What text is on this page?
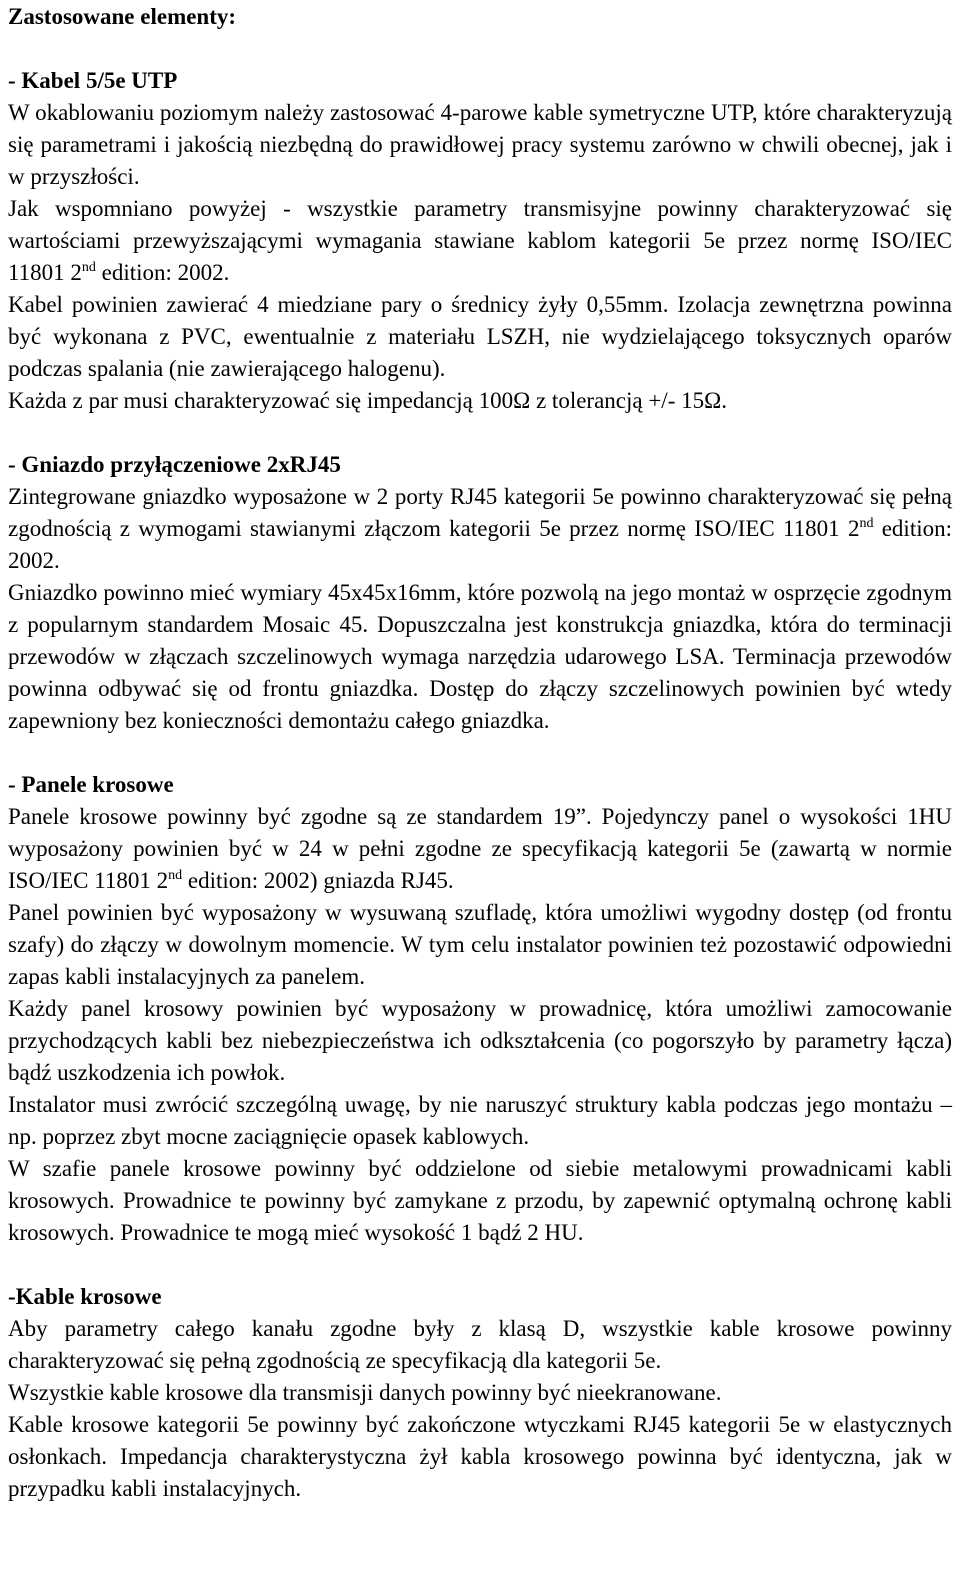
Zastosowane elementy:
- Kabel 5/5e UTP

W okablowaniu poziomym należy zastosować 4-parowe kable symetryczne UTP, które charakteryzują się parametrami i jakością niezbędną do prawidłowej pracy systemu zarówno w chwili obecnej, jak i w przyszłości.

Jak wspomniano powyżej - wszystkie parametry transmisyjne powinny charakteryzować się wartościami przewyższającymi wymagania stawiane kablom kategorii 5e przez normę ISO/IEC 11801 2nd edition: 2002.

Kabel powinien zawierać 4 miedziane pary o średnicy żyły 0,55mm. Izolacja zewnętrzna powinna być wykonana z PVC, ewentualnie z materiału LSZH, nie wydzielającego toksycznych oparów podczas spalania (nie zawierającego halogenu).

Każda z par musi charakteryzować się impedancją 100Ω z tolerancją +/- 15Ω.

- Gniazdo przyłączeniowe 2xRJ45

Zintegrowane gniazdko wyposażone w 2 porty RJ45 kategorii 5e powinno charakteryzować się pełną zgodnością z wymogami stawianymi złączom kategorii 5e przez normę ISO/IEC 11801 2nd edition: 2002.

Gniazdko powinno mieć wymiary 45x45x16mm, które pozwolą na jego montaż w osprzęcie zgodnym z popularnym standardem Mosaic 45. Dopuszczalna jest konstrukcja gniazdka, która do terminacji przewodów w złączach szczelinowych wymaga narzędzia udarowego LSA. Terminacja przewodów powinna odbywać się od frontu gniazdka. Dostęp do złączy szczelinowych powinien być wtedy zapewniony bez konieczności demontażu całego gniazdka.

- Panele krosowe

Panele krosowe powinny być zgodne są ze standardem 19”. Pojedynczy panel o wysokości 1HU wyposażony powinien być w 24 w pełni zgodne ze specyfikacją kategorii 5e (zawartą w normie ISO/IEC 11801 2nd edition: 2002) gniazda RJ45.

Panel powinien być wyposażony w wysuwaną szufladę, która umożliwi wygodny dostęp (od frontu szafy) do złączy w dowolnym momencie. W tym celu instalator powinien też pozostawić odpowiedni zapas kabli instalacyjnych za panelem.

Każdy panel krosowy powinien być wyposażony w prowadnicę, która umożliwi zamocowanie przychodzących kabli bez niebezpieczeństwa ich odkształcenia (co pogorszyło by parametry łącza) bądź uszkodzenia ich powłok.

Instalator musi zwrócić szczególną uwagę, by nie naruszyć struktury kabla podczas jego montażu – np. poprzez zbyt mocne zaciągnięcie opasek kablowych.

W szafie panele krosowe powinny być oddzielone od siebie metalowymi prowadnicami kabli krosowych. Prowadnice te powinny być zamykane z przodu, by zapewnić optymalną ochronę kabli krosowych. Prowadnice te mogą mieć wysokość 1 bądź 2 HU.

-Kable krosowe

Aby parametry całego kanału zgodne były z klasą D, wszystkie kable krosowe powinny charakteryzować się pełną zgodnością ze specyfikacją dla kategorii 5e.

Wszystkie kable krosowe dla transmisji danych powinny być nieekranowane.

Kable krosowe kategorii 5e powinny być zakończone wtyczkami RJ45 kategorii 5e w elastycznych osłonkach. Impedancja charakterystyczna żył kabla krosowego powinna być identyczna, jak w przypadku kabli instalacyjnych.
